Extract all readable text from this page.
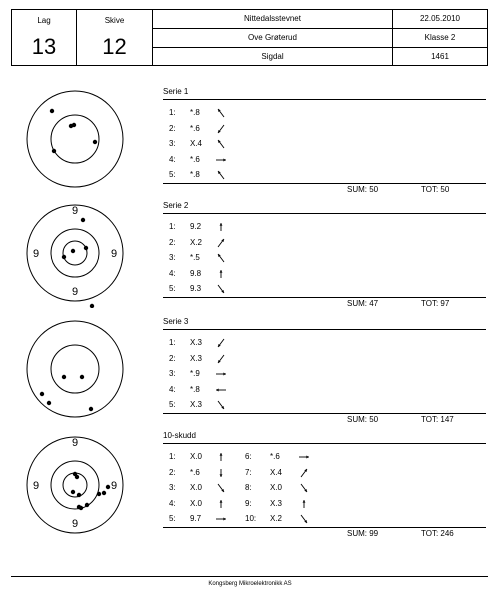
Lag
13
Skive
12
Nittedalsstevnet	22.05.2010
Ove Grøterud	Klasse 2
Sigdal	1461
Serie 1
1: *.8
2: *.6
3: X.4
4: *.6
5: *.8
SUM: 50	TOT: 50
Serie 2
1: 9.2
2: X.2
3: *.5
4: 9.8
5: 9.3
SUM: 47	TOT: 97
9
9	9
9
Serie 3
1: X.3
2: X.3
3: *.9
4: *.8
5: X.3
SUM: 50	TOT: 147
10-skudd
1: X.0
2: *.6
3: X.0
4: X.0
5: 9.7
6: *.6
7: X.4
8: X.0
9: X.3
10: X.2
SUM: 99	TOT: 246
9
9	9
9
Kongsberg Mikroelektronikk AS
